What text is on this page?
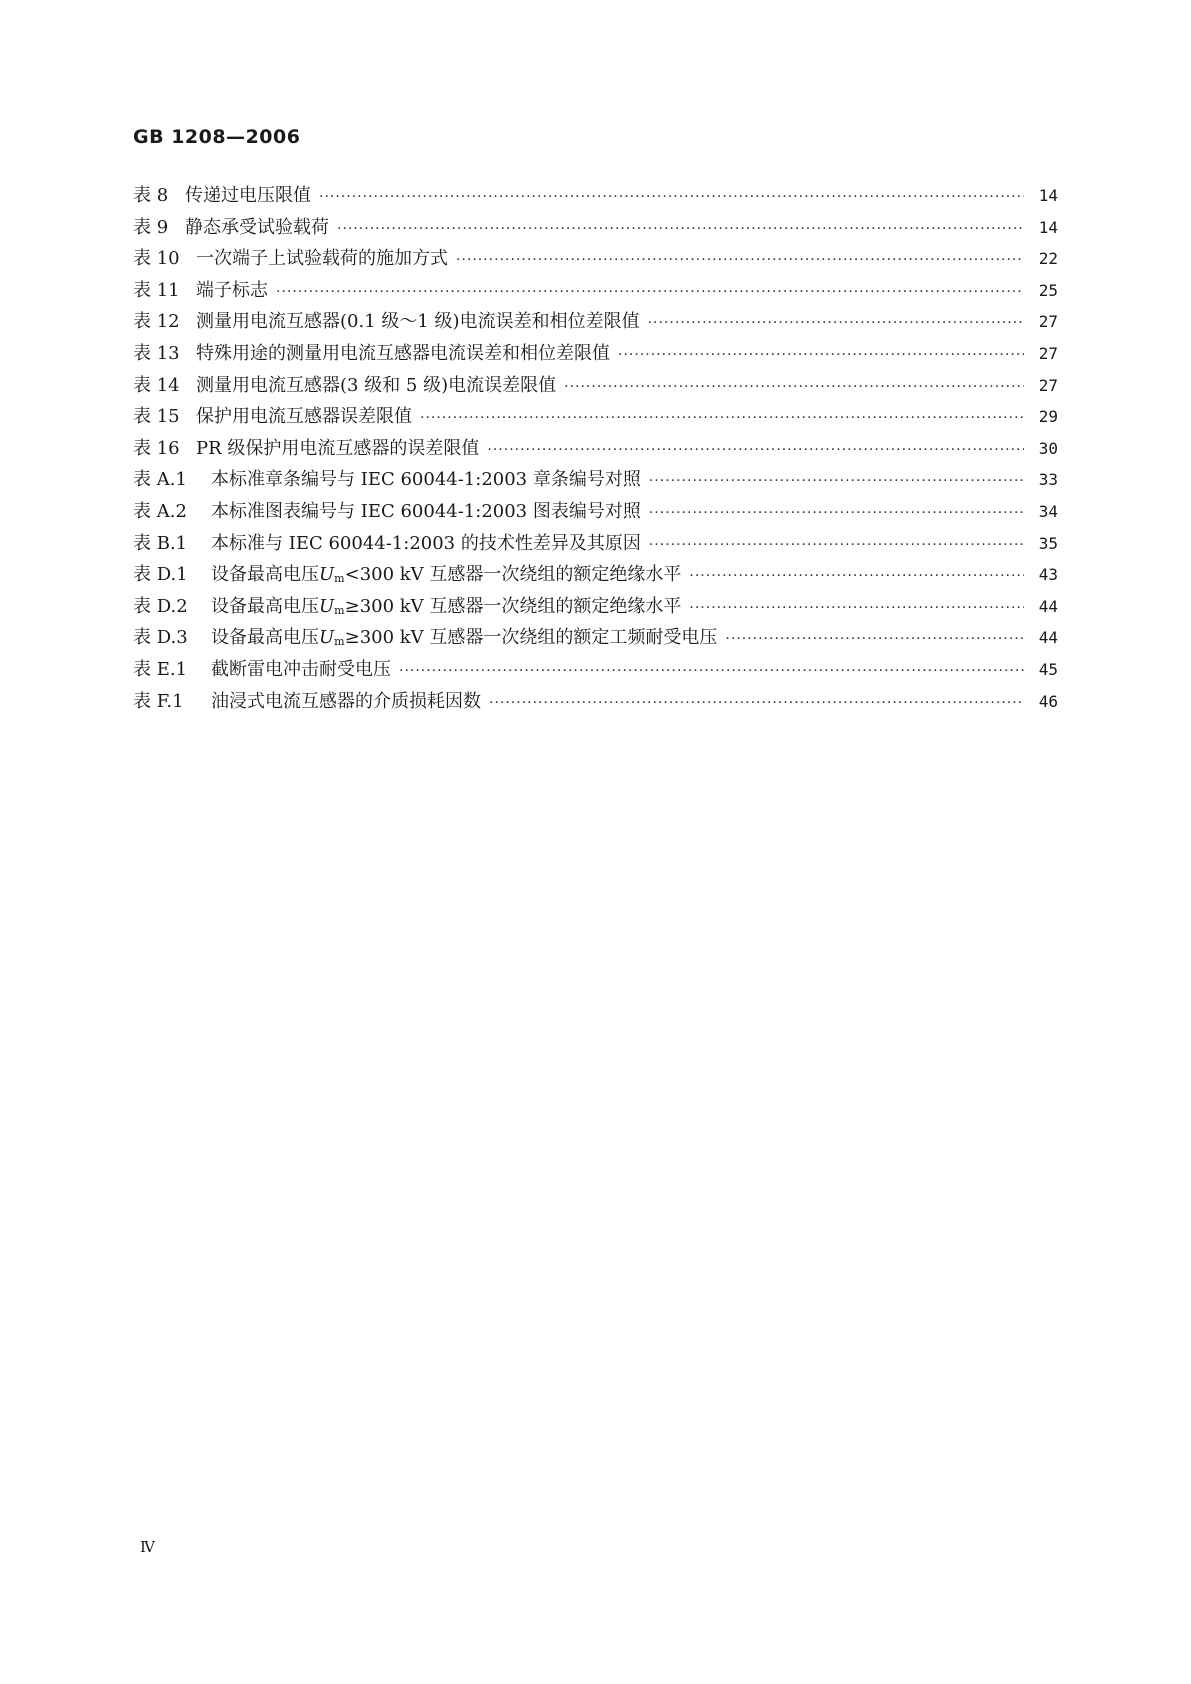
GB 1208—2006
表 8 传递过电压限值 ·····	14
表 9 静态承受试验载荷 ·····	14
表 10 一次端子上试验载荷的施加方式 ·····	22
表 11 端子标志 ·····	25
表 12 测量用电流互感器(0.1 级～1 级)电流误差和相位差限值 ·····	27
表 13 特殊用途的测量用电流互感器电流误差和相位差限值 ·····	27
表 14 测量用电流互感器(3 级和 5 级)电流误差限值 ·····	27
表 15 保护用电流互感器误差限值 ·····	29
表 16 PR 级保护用电流互感器的误差限值 ·····	30
表 A.1	本标准章条编号与 IEC 60044-1:2003 章条编号对照 ·····	33
表 A.2	本标准图表编号与 IEC 60044-1:2003 图表编号对照 ·····	34
表 B.1	本标准与 IEC 60044-1:2003 的技术性差异及其原因 ·····	35
表 D.1	设备最高电压$U_m<300$ kV 互感器一次绕组的额定绝缘水平 ·····	43
表 D.2	设备最高电压$U_m\ge 300$ kV 互感器一次绕组的额定绝缘水平 ·····	44
表 D.3	设备最高电压$U_m\ge 300$ kV 互感器一次绕组的额定工频耐受电压 ·····	44
表 E.1	截断雷电冲击耐受电压 ·····	45
表 F.1	油浸式电流互感器的介质损耗因数 ·····	46
Ⅳ
